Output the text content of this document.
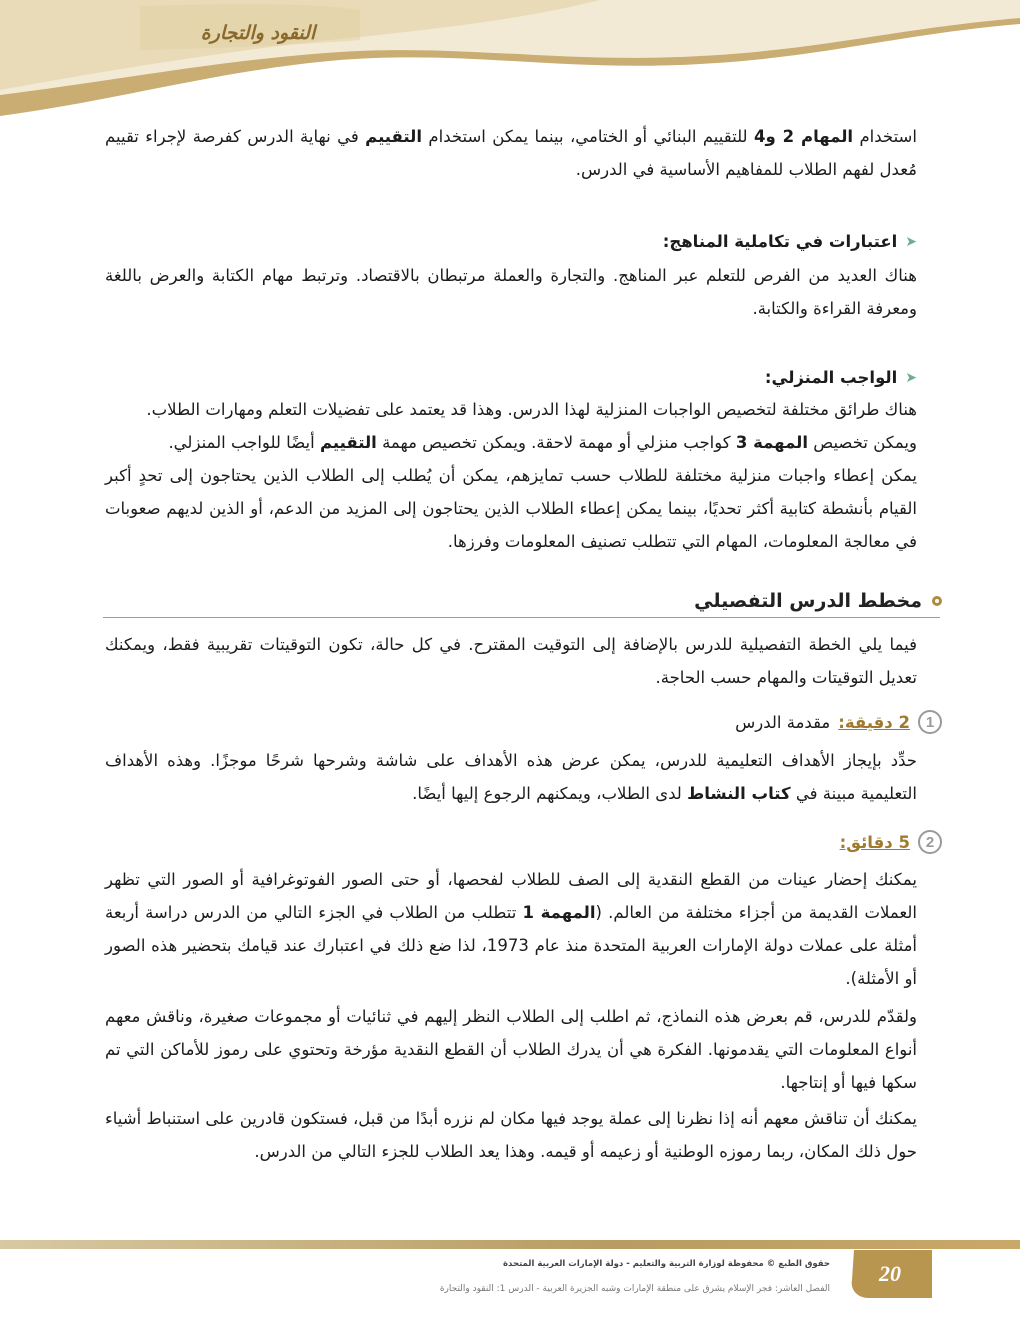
النقود والتجارة
استخدام المهام 2 و4 للتقييم البنائي أو الختامي، بينما يمكن استخدام التقييم في نهاية الدرس كفرصة لإجراء تقييم مُعدل لفهم الطلاب للمفاهيم الأساسية في الدرس.
➤
اعتبارات في تكاملية المناهج:
هناك العديد من الفرص للتعلم عبر المناهج. والتجارة والعملة مرتبطان بالاقتصاد. وترتبط مهام الكتابة والعرض باللغة ومعرفة القراءة والكتابة.
➤
الواجب المنزلي:
هناك طرائق مختلفة لتخصيص الواجبات المنزلية لهذا الدرس. وهذا قد يعتمد على تفضيلات التعلم ومهارات الطلاب.
ويمكن تخصيص المهمة 3 كواجب منزلي أو مهمة لاحقة. ويمكن تخصيص مهمة التقييم أيضًا للواجب المنزلي.
يمكن إعطاء واجبات منزلية مختلفة للطلاب حسب تمايزهم، يمكن أن يُطلب إلى الطلاب الذين يحتاجون إلى تحدٍ أكبر القيام بأنشطة كتابية أكثر تحديًا، بينما يمكن إعطاء الطلاب الذين يحتاجون إلى المزيد من الدعم، أو الذين لديهم صعوبات في معالجة المعلومات، المهام التي تتطلب تصنيف المعلومات وفرزها.
مخطط الدرس التفصيلي
فيما يلي الخطة التفصيلية للدرس بالإضافة إلى التوقيت المقترح. في كل حالة، تكون التوقيتات تقريبية فقط، ويمكنك تعديل التوقيتات والمهام حسب الحاجة.
1
2 دقيقة:
مقدمة الدرس
حدِّد بإيجاز الأهداف التعليمية للدرس، يمكن عرض هذه الأهداف على شاشة وشرحها شرحًا موجزًا. وهذه الأهداف التعليمية مبينة في كتاب النشاط لدى الطلاب، ويمكنهم الرجوع إليها أيضًا.
2
5 دقائق:
يمكنك إحضار عينات من القطع النقدية إلى الصف للطلاب لفحصها، أو حتى الصور الفوتوغرافية أو الصور التي تظهر العملات القديمة من أجزاء مختلفة من العالم. (المهمة 1 تتطلب من الطلاب في الجزء التالي من الدرس دراسة أربعة أمثلة على عملات دولة الإمارات العربية المتحدة منذ عام 1973، لذا ضع ذلك في اعتبارك عند قيامك بتحضير هذه الصور أو الأمثلة).
ولقدّم للدرس، قم بعرض هذه النماذج، ثم اطلب إلى الطلاب النظر إليهم في ثنائيات أو مجموعات صغيرة، وناقش معهم أنواع المعلومات التي يقدمونها. الفكرة هي أن يدرك الطلاب أن القطع النقدية مؤرخة وتحتوي على رموز للأماكن التي تم سكها فيها أو إنتاجها.
يمكنك أن تناقش معهم أنه إذا نظرنا إلى عملة يوجد فيها مكان لم نزره أبدًا من قبل، فستكون قادرين على استنباط أشياء حول ذلك المكان، ربما رموزه الوطنية أو زعيمه أو قيمه. وهذا يعد الطلاب للجزء التالي من الدرس.
20
حقوق الطبع © محفوظة لوزارة التربية والتعليم - دولة الإمارات العربية المتحدة
الفصل العاشر: فجر الإسلام يشرق على منطقة الإمارات وشبه الجزيرة العربية - الدرس 1: النقود والتجارة
